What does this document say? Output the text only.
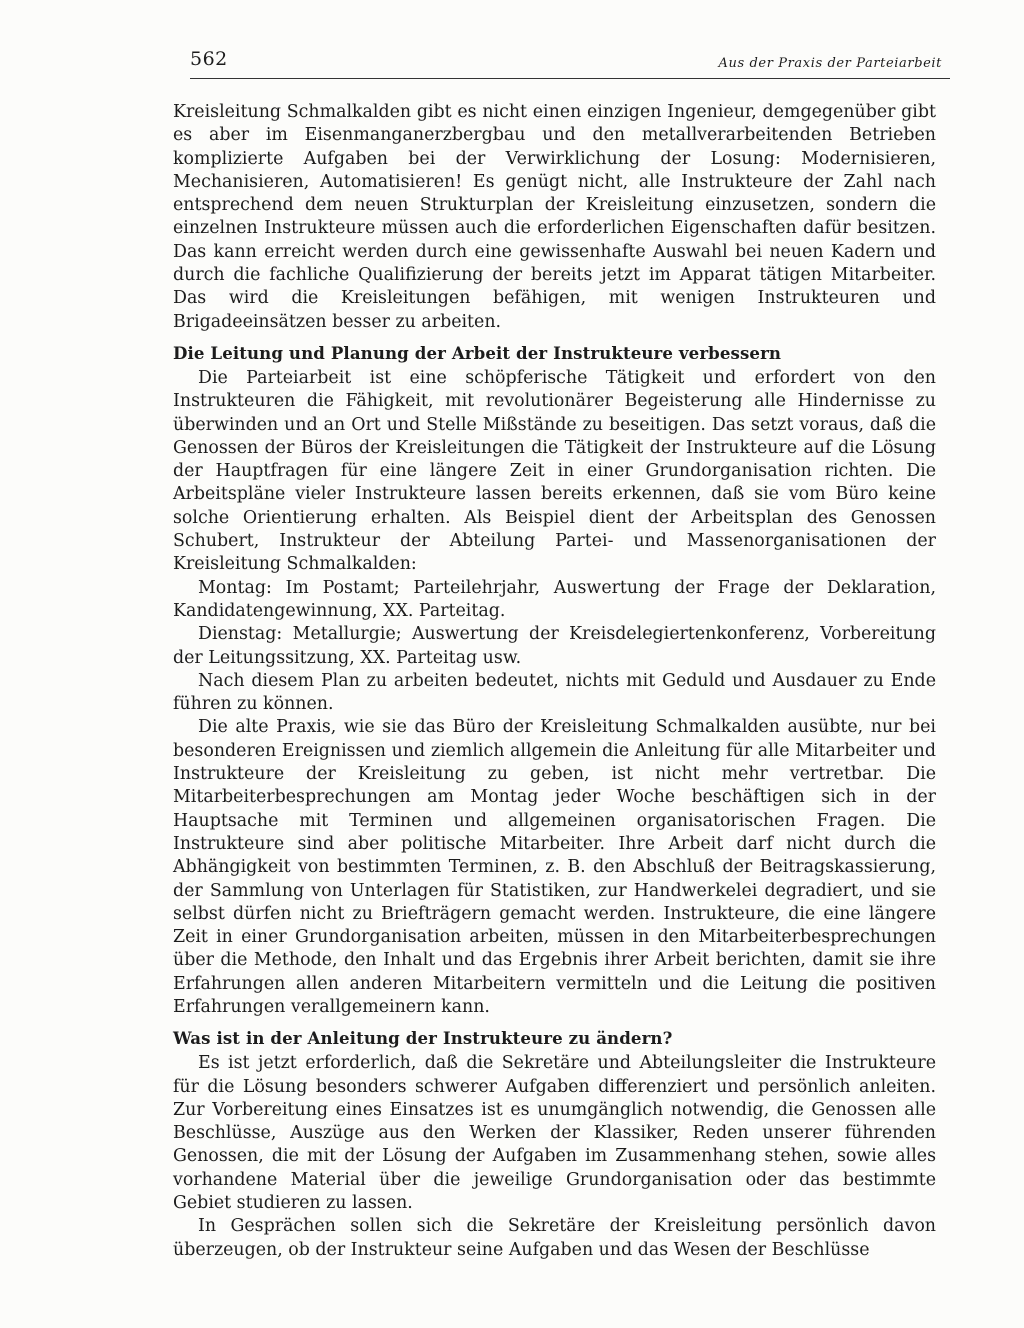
562	Aus der Praxis der Parteiarbeit

Kreisleitung Schmalkalden gibt es nicht einen einzigen Ingenieur, demgegenüber gibt es aber im Eisenmanganerzbergbau und den metallverarbeitenden Betrieben komplizierte Aufgaben bei der Verwirklichung der Losung: Modernisieren, Mechanisieren, Automatisieren! Es genügt nicht, alle Instrukteure der Zahl nach entsprechend dem neuen Strukturplan der Kreisleitung einzusetzen, sondern die einzelnen Instrukteure müssen auch die erforderlichen Eigenschaften dafür besitzen. Das kann erreicht werden durch eine gewissenhafte Auswahl bei neuen Kadern und durch die fachliche Qualifizierung der bereits jetzt im Apparat tätigen Mitarbeiter. Das wird die Kreisleitungen befähigen, mit wenigen Instrukteuren und Brigadeeinsätzen besser zu arbeiten.

Die Leitung und Planung der Arbeit der Instrukteure verbessern

Die Parteiarbeit ist eine schöpferische Tätigkeit und erfordert von den Instrukteuren die Fähigkeit, mit revolutionärer Begeisterung alle Hindernisse zu überwinden und an Ort und Stelle Mißstände zu beseitigen. Das setzt voraus, daß die Genossen der Büros der Kreisleitungen die Tätigkeit der Instrukteure auf die Lösung der Hauptfragen für eine längere Zeit in einer Grundorganisation richten. Die Arbeitspläne vieler Instrukteure lassen bereits erkennen, daß sie vom Büro keine solche Orientierung erhalten. Als Beispiel dient der Arbeitsplan des Genossen Schubert, Instrukteur der Abteilung Partei- und Massenorganisationen der Kreisleitung Schmalkalden:

Montag: Im Postamt; Parteilehrjahr, Auswertung der Frage der Deklaration, Kandidatengewinnung, XX. Parteitag.

Dienstag: Metallurgie; Auswertung der Kreisdelegiertenkonferenz, Vorbereitung der Leitungssitzung, XX. Parteitag usw.

Nach diesem Plan zu arbeiten bedeutet, nichts mit Geduld und Ausdauer zu Ende führen zu können.

Die alte Praxis, wie sie das Büro der Kreisleitung Schmalkalden ausübte, nur bei besonderen Ereignissen und ziemlich allgemein die Anleitung für alle Mitarbeiter und Instrukteure der Kreisleitung zu geben, ist nicht mehr vertretbar. Die Mitarbeiterbesprechungen am Montag jeder Woche beschäftigen sich in der Hauptsache mit Terminen und allgemeinen organisatorischen Fragen. Die Instrukteure sind aber politische Mitarbeiter. Ihre Arbeit darf nicht durch die Abhängigkeit von bestimmten Terminen, z. B. den Abschluß der Beitragskassierung, der Sammlung von Unterlagen für Statistiken, zur Handwerkelei degradiert, und sie selbst dürfen nicht zu Briefträgern gemacht werden. Instrukteure, die eine längere Zeit in einer Grundorganisation arbeiten, müssen in den Mitarbeiterbesprechungen über die Methode, den Inhalt und das Ergebnis ihrer Arbeit berichten, damit sie ihre Erfahrungen allen anderen Mitarbeitern vermitteln und die Leitung die positiven Erfahrungen verallgemeinern kann.

Was ist in der Anleitung der Instrukteure zu ändern?

Es ist jetzt erforderlich, daß die Sekretäre und Abteilungsleiter die Instrukteure für die Lösung besonders schwerer Aufgaben differenziert und persönlich anleiten. Zur Vorbereitung eines Einsatzes ist es unumgänglich notwendig, die Genossen alle Beschlüsse, Auszüge aus den Werken der Klassiker, Reden unserer führenden Genossen, die mit der Lösung der Aufgaben im Zusammenhang stehen, sowie alles vorhandene Material über die jeweilige Grundorganisation oder das bestimmte Gebiet studieren zu lassen.

In Gesprächen sollen sich die Sekretäre der Kreisleitung persönlich davon überzeugen, ob der Instrukteur seine Aufgaben und das Wesen der Beschlüsse
